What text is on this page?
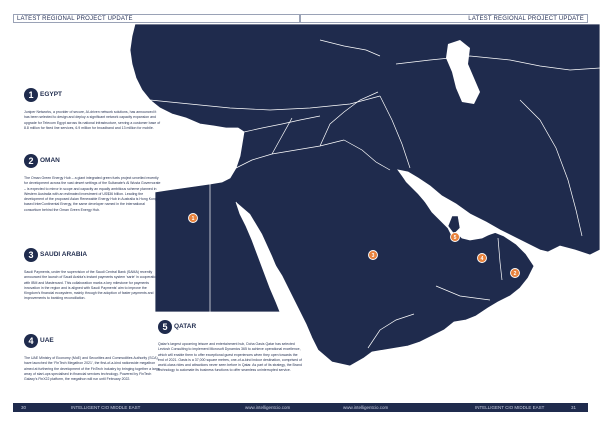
LATEST REGIONAL PROJECT UPDATE	LATEST REGIONAL PROJECT UPDATE
1
3
5
4
2
1 EGYPT
Juniper Networks, a provider of secure, AI-driven network solutions, has announced it has been selected to design and deploy a significant network capacity expansion and upgrade for Telecom Egypt across its national infrastructure, serving a customer base of 8.8 million for fixed line services, 6.9 million for broadband and 13 million for mobile.
2 OMAN
The Oman Green Energy Hub – a giant integrated green fuels project unveiled recently for development across the vast desert settings of the Sultanate’s Al Wusta Governorate – is expected to mirror in scope and capacity an equally ambitious scheme planned in Western Australia with an estimated investment of US$36 billion. Leading the development of the proposed Asian Renewable Energy Hub in Australia is Hong Kong-based InterContinental Energy, the same developer named in the international consortium behind the Oman Green Energy Hub.
3 SAUDI ARABIA
Saudi Payments, under the supervision of the Saudi Central Bank (SAMA) recently announced the launch of Saudi Arabia’s instant payments system ‘sarie’ in cooperation with IBM and Mastercard. This collaboration marks a key milestone for payments innovation in the region and is aligned with Saudi Payments’ aim to improve the Kingdom’s financial ecosystem, mainly through the adoption of faster payments and improvements to banking reconciliation.
4 UAE
The UAE Ministry of Economy (MoE) and Securities and Commodities Authority (SCA), have launched the ‘FinTech Megathon 2021’, the first-of-a-kind nationwide megathon aimed at furthering the development of the FinTech industry by bringing together a large array of start-ups specialised in financial services technology. Powered by FinTech Galaxy’s FinX22 platform, the megathon will run until February 2022.
5 QATAR
Qatar’s largest upcoming leisure and entertainment hub, Doha Oasis Qatar has selected Leviosh Consulting to implement Microsoft Dynamics 365 to achieve operational excellence, which will enable them to offer exceptional guest experiences when they open towards the end of 2021. Oasis is a 37,000 square metres, one-of-a-kind indoor destination, comprised of world-class rides and attractions never seen before in Qatar. As part of its strategy, the Brand technology to automate its business functions to offer seamless uninterrupted service.
30	INTELLIGENT CIO MIDDLE EAST	www.intelligentcio.com	www.intelligentcio.com	INTELLIGENT CIO MIDDLE EAST	31
